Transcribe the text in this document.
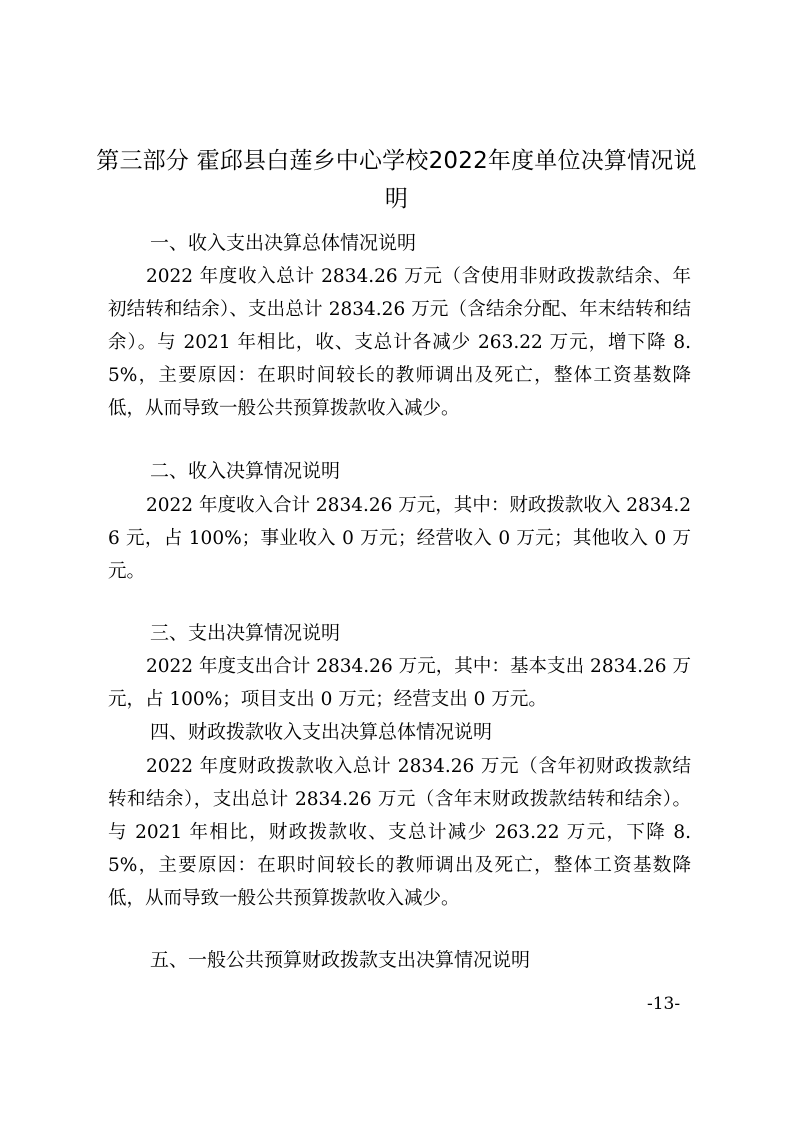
第三部分 霍邱县白莲乡中心学校2022年度单位决算情况说明
一、收入支出决算总体情况说明

2022 年度收入总计 2834.26 万元（含使用非财政拨款结余、年初结转和结余）、支出总计 2834.26 万元（含结余分配、年末结转和结余）。与 2021 年相比，收、支总计各减少 263.22 万元，增下降 8.5%，主要原因：在职时间较长的教师调出及死亡，整体工资基数降低，从而导致一般公共预算拨款收入减少。

二、收入决算情况说明

2022 年度收入合计 2834.26 万元，其中：财政拨款收入 2834.26 元，占 100%；事业收入 0 万元；经营收入 0 万元；其他收入 0 万元。

三、支出决算情况说明

2022 年度支出合计 2834.26 万元，其中：基本支出 2834.26 万元，占 100%；项目支出 0 万元；经营支出 0 万元。

四、财政拨款收入支出决算总体情况说明

2022 年度财政拨款收入总计 2834.26 万元（含年初财政拨款结转和结余），支出总计 2834.26 万元（含年末财政拨款结转和结余）。与 2021 年相比，财政拨款收、支总计减少 263.22 万元，下降 8.5%，主要原因：在职时间较长的教师调出及死亡，整体工资基数降低，从而导致一般公共预算拨款收入减少。

五、一般公共预算财政拨款支出决算情况说明
-13-
